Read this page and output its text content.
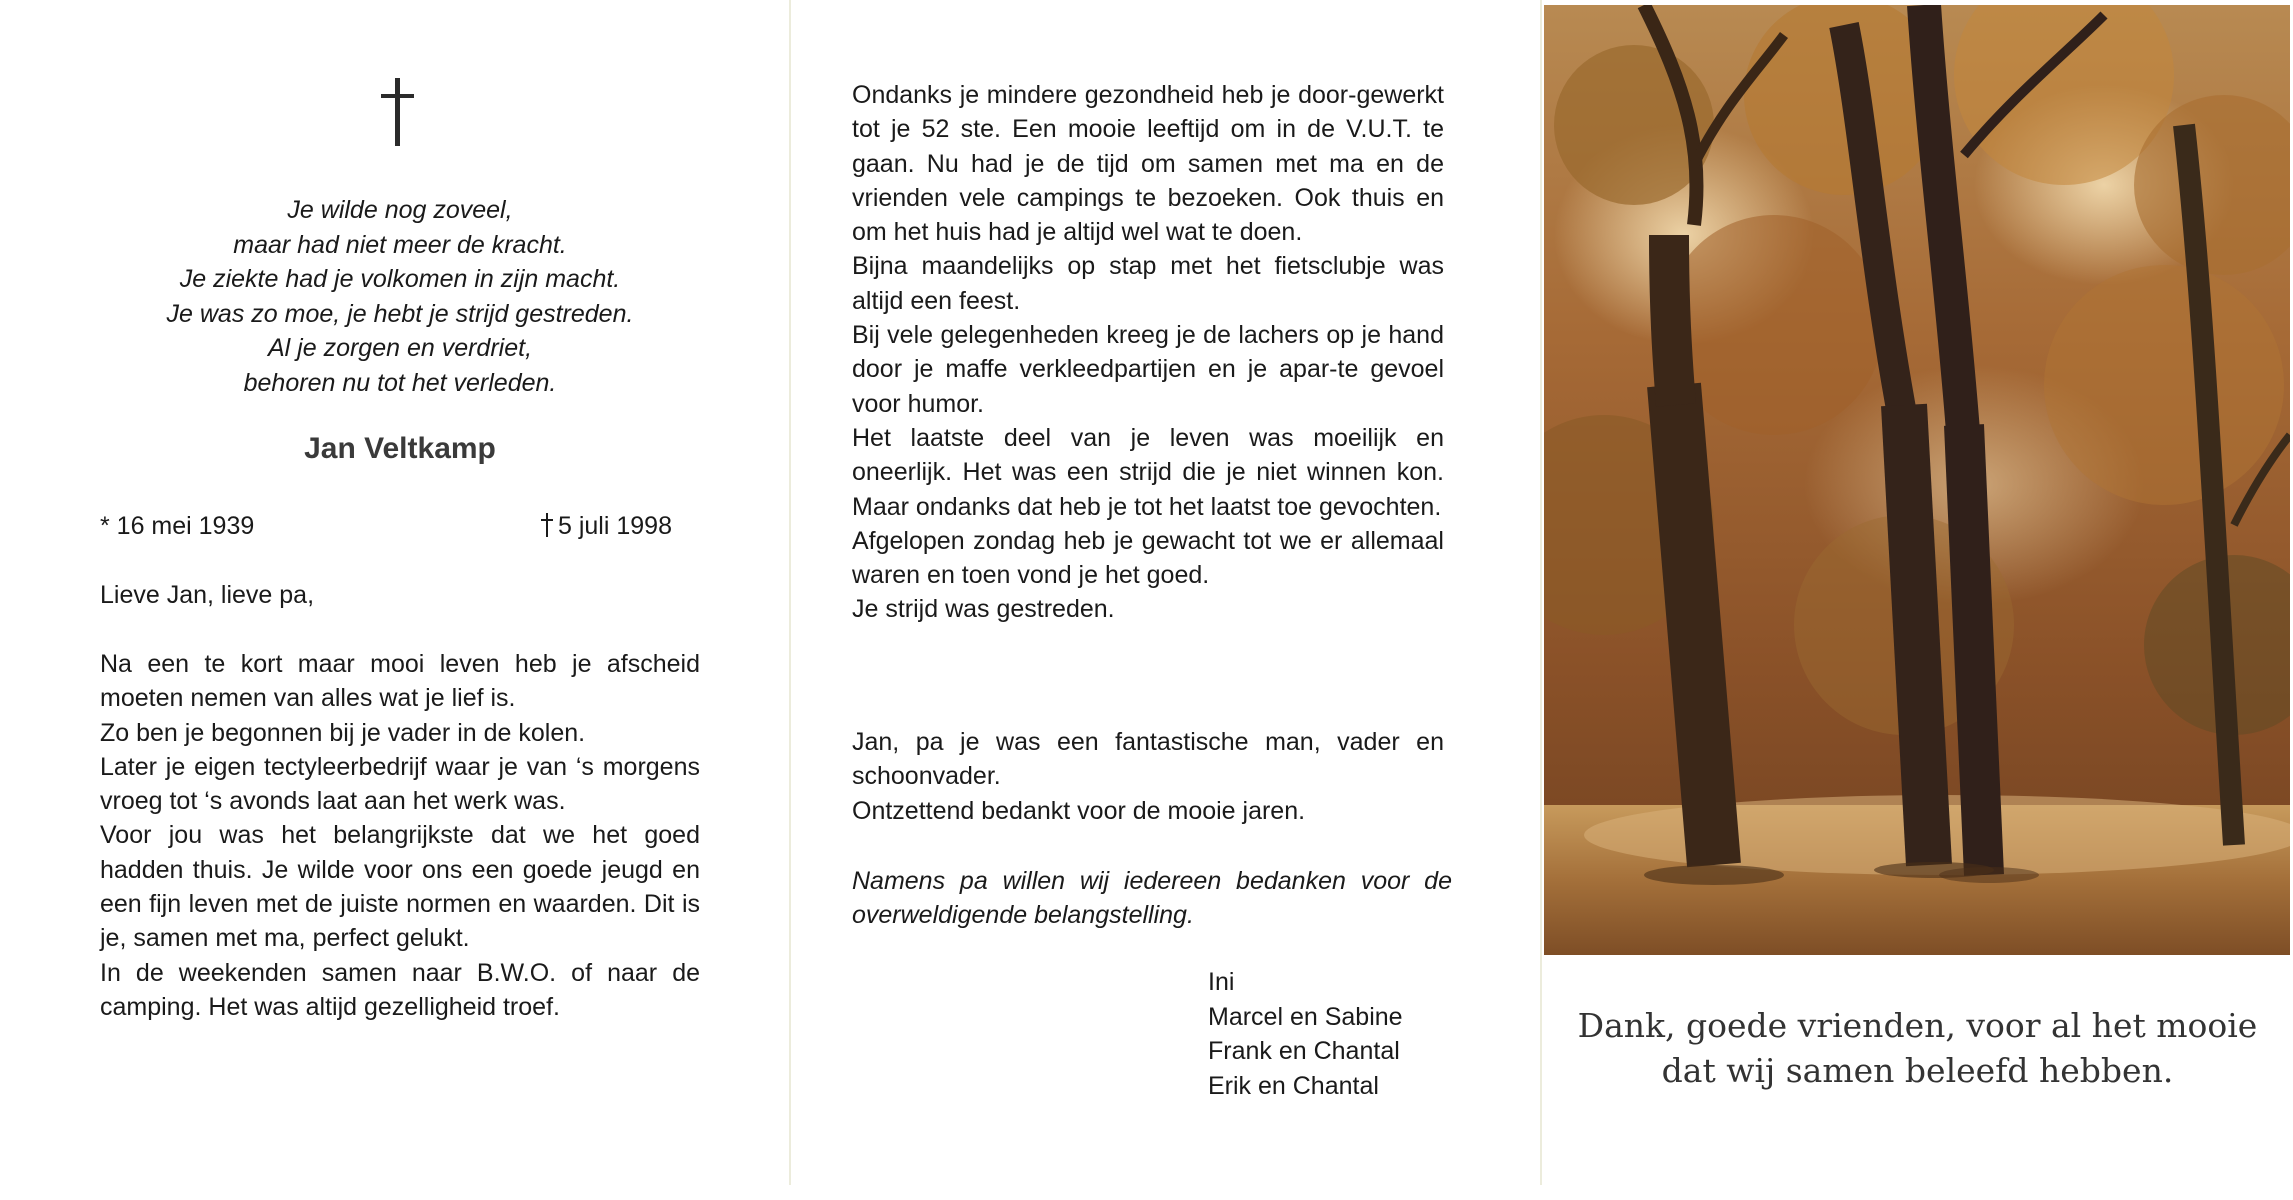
Je wilde nog zoveel,
maar had niet meer de kracht.
Je ziekte had je volkomen in zijn macht.
Je was zo moe, je hebt je strijd gestreden.
Al je zorgen en verdriet,
behoren nu tot het verleden.
Jan Veltkamp
* 16 mei 1939	5 juli 1998
Lieve Jan, lieve pa,

Na een te kort maar mooi leven heb je afscheid moeten nemen van alles wat je lief is.

Zo ben je begonnen bij je vader in de kolen.

Later je eigen tectyleerbedrijf waar je van ‘s morgens vroeg tot ‘s avonds laat aan het werk was.

Voor jou was het belangrijkste dat we het goed hadden thuis. Je wilde voor ons een goede jeugd en een fijn leven met de juiste normen en waarden. Dit is je, samen met ma, perfect gelukt.

In de weekenden samen naar B.W.O. of naar de camping. Het was altijd gezelligheid troef.

Ondanks je mindere gezondheid heb je door-gewerkt tot je 52 ste. Een mooie leeftijd om in de V.U.T. te gaan. Nu had je de tijd om samen met ma en de vrienden vele campings te bezoeken. Ook thuis en om het huis had je altijd wel wat te doen.

Bijna maandelijks op stap met het fietsclubje was altijd een feest.

Bij vele gelegenheden kreeg je de lachers op je hand door je maffe verkleedpartijen en je apar-te gevoel voor humor.

Het laatste deel van je leven was moeilijk en oneerlijk. Het was een strijd die je niet winnen kon. Maar ondanks dat heb je tot het laatst toe gevochten.

Afgelopen zondag heb je gewacht tot we er allemaal waren en toen vond je het goed.

Je strijd was gestreden.

Jan, pa je was een fantastische man, vader en schoonvader.

Ontzettend bedankt voor de mooie jaren.

Namens pa willen wij iedereen bedanken voor de overweldigende belangstelling.

Ini

Marcel en Sabine

Frank en Chantal

Erik en Chantal

Dank, goede vrienden, voor al het mooie
dat wij samen beleefd hebben.
